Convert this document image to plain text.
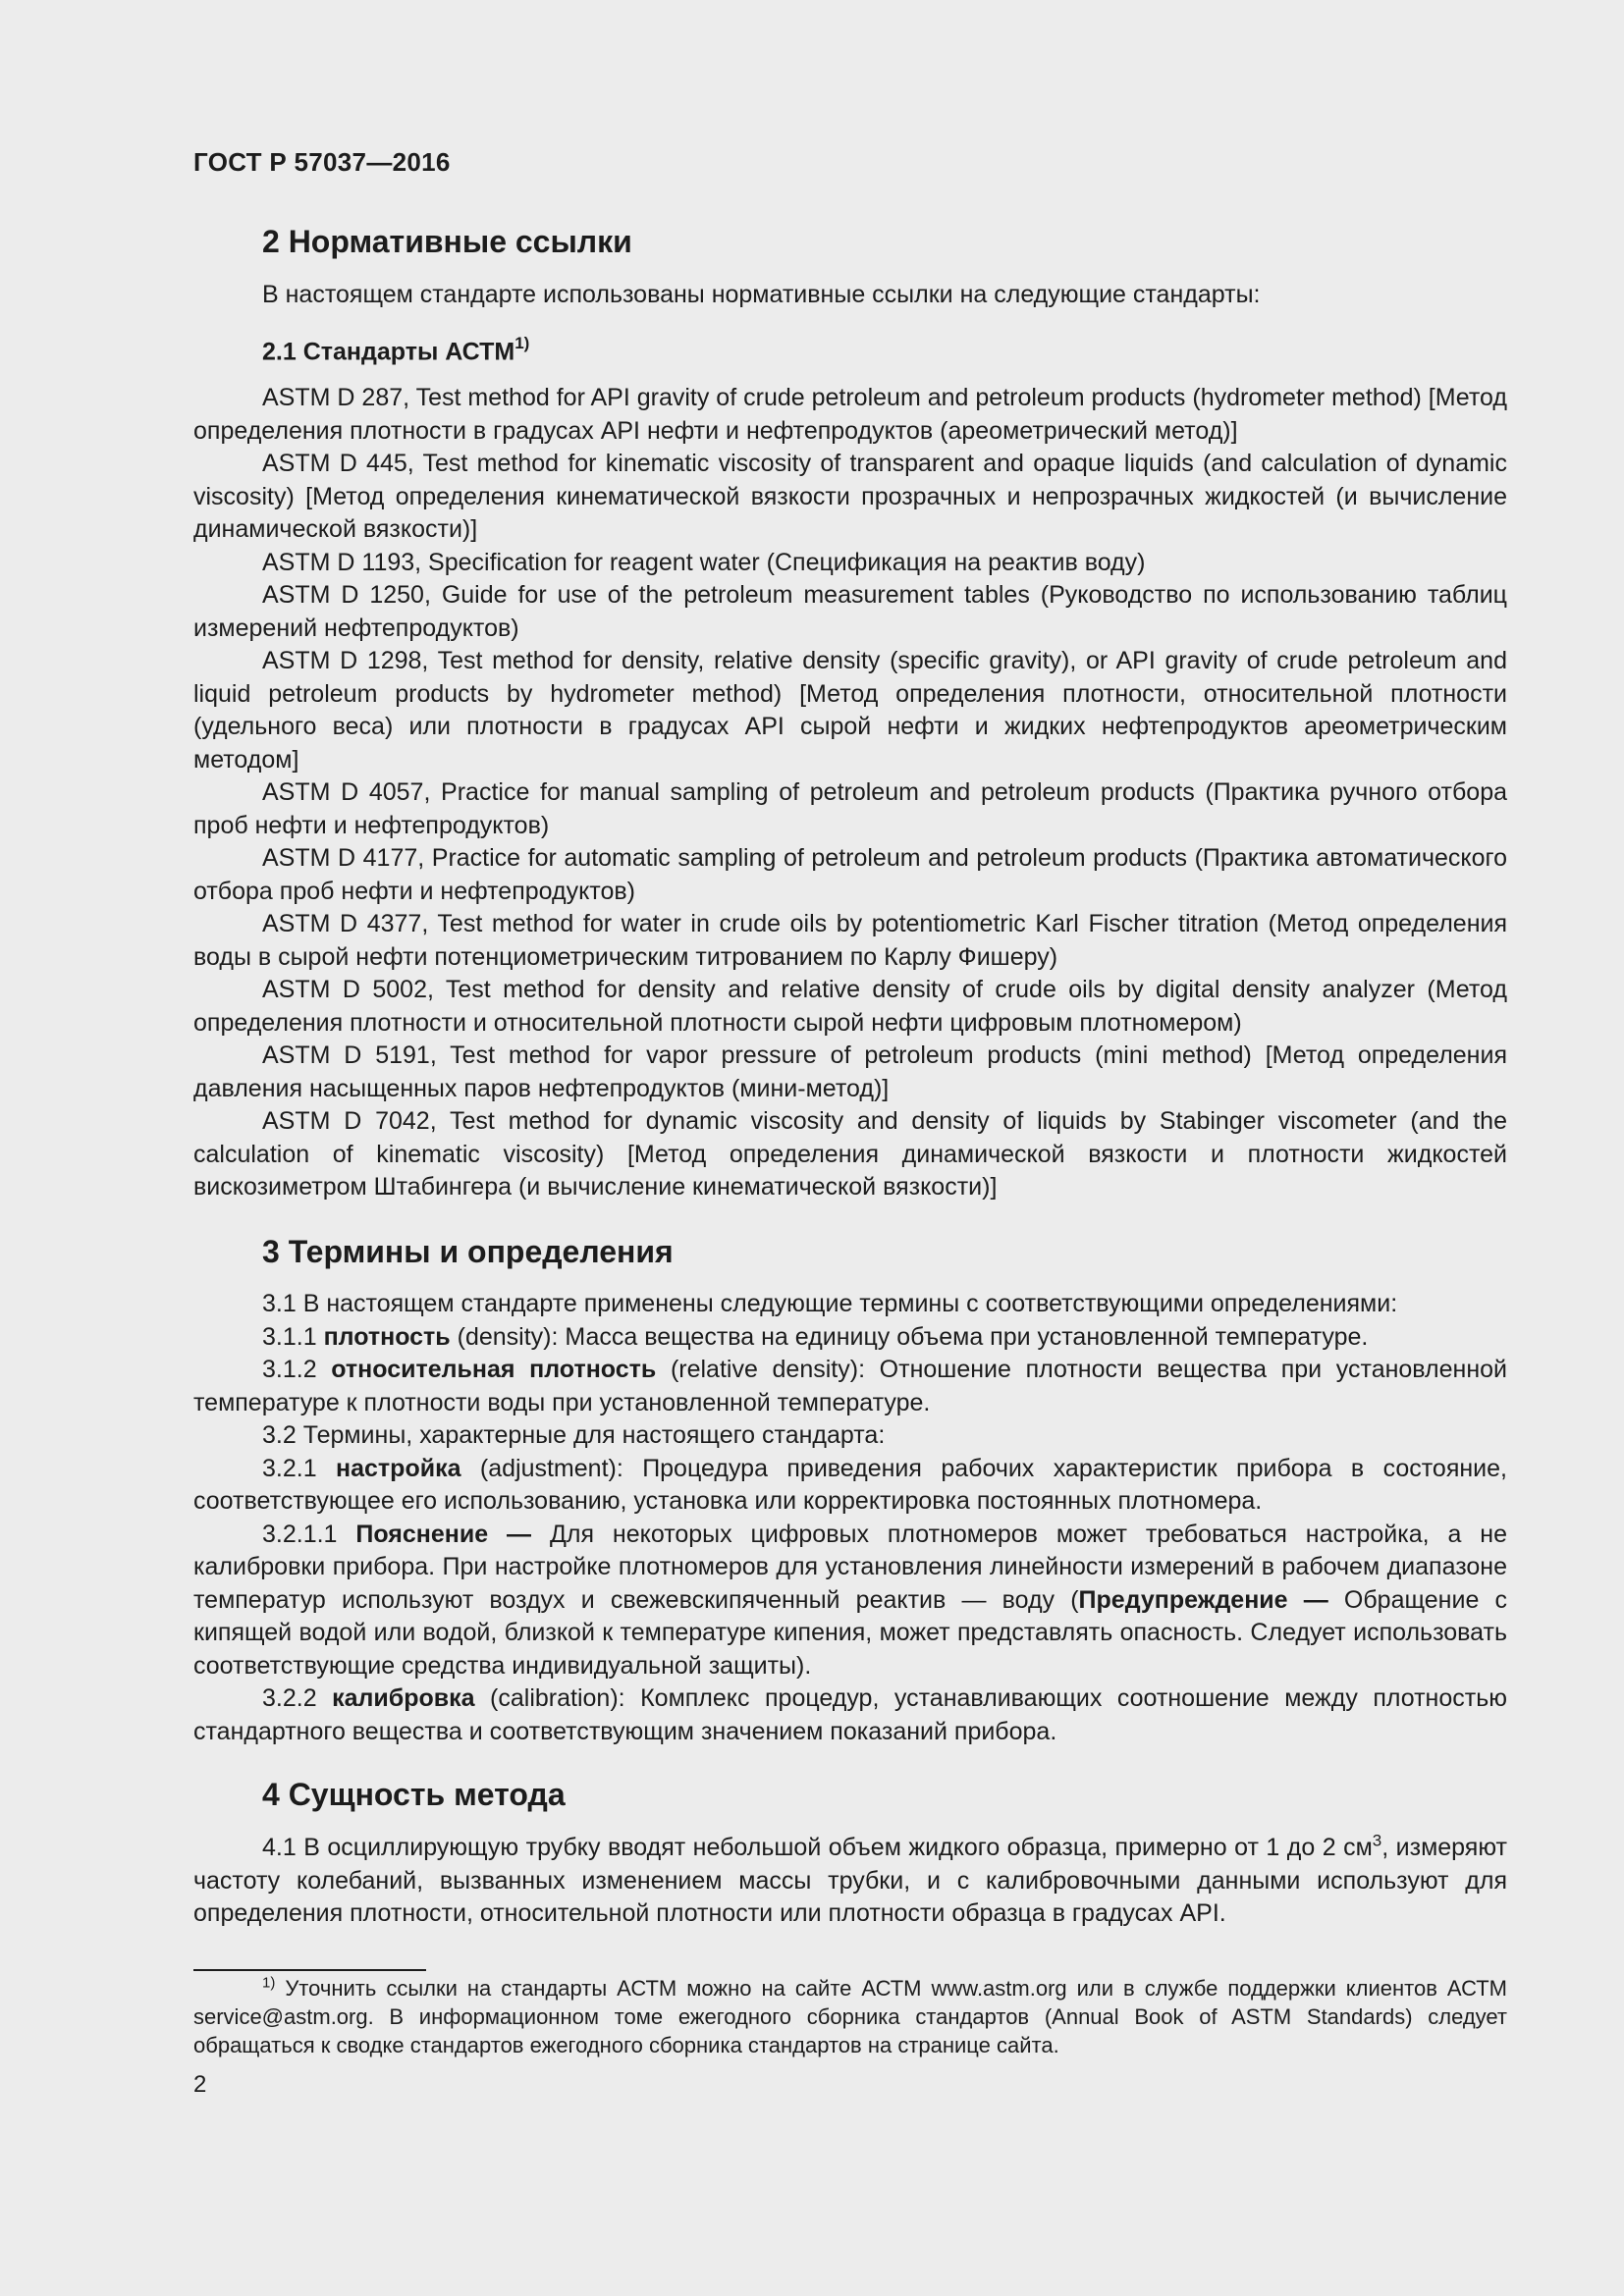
ГОСТ Р 57037—2016
2 Нормативные ссылки

В настоящем стандарте использованы нормативные ссылки на следующие стандарты:

2.1 Стандарты АСТМ$^{1)}$

ASTM D 287, Test method for API gravity of crude petroleum and petroleum products (hydrometer method) [Метод определения плотности в градусах API нефти и нефтепродуктов (ареометрический метод)]

ASTM D 445, Test method for kinematic viscosity of transparent and opaque liquids (and calculation of dynamic viscosity) [Метод определения кинематической вязкости прозрачных и непрозрачных жидкостей (и вычисление динамической вязкости)]

ASTM D 1193, Specification for reagent water (Спецификация на реактив воду)

ASTM D 1250, Guide for use of the petroleum measurement tables (Руководство по использованию таблиц измерений нефтепродуктов)

ASTM D 1298, Test method for density, relative density (specific gravity), or API gravity of crude petroleum and liquid petroleum products by hydrometer method) [Метод определения плотности, относительной плотности (удельного веса) или плотности в градусах API сырой нефти и жидких нефтепродуктов ареометрическим методом]

ASTM D 4057, Practice for manual sampling of petroleum and petroleum products (Практика ручного отбора проб нефти и нефтепродуктов)

ASTM D 4177, Practice for automatic sampling of petroleum and petroleum products (Практика автоматического отбора проб нефти и нефтепродуктов)

ASTM D 4377, Test method for water in crude oils by potentiometric Karl Fischer titration (Метод определения воды в сырой нефти потенциометрическим титрованием по Карлу Фишеру)

ASTM D 5002, Test method for density and relative density of crude oils by digital density analyzer (Метод определения плотности и относительной плотности сырой нефти цифровым плотномером)

ASTM D 5191, Test method for vapor pressure of petroleum products (mini method) [Метод определения давления насыщенных паров нефтепродуктов (мини-метод)]

ASTM D 7042, Test method for dynamic viscosity and density of liquids by Stabinger viscometer (and the calculation of kinematic viscosity) [Метод определения динамической вязкости и плотности жидкостей вискозиметром Штабингера (и вычисление кинематической вязкости)]

3 Термины и определения

3.1 В настоящем стандарте применены следующие термины с соответствующими определениями:

3.1.1 плотность (density): Масса вещества на единицу объема при установленной температуре.

3.1.2 относительная плотность (relative density): Отношение плотности вещества при установленной температуре к плотности воды при установленной температуре.

3.2 Термины, характерные для настоящего стандарта:

3.2.1 настройка (adjustment): Процедура приведения рабочих характеристик прибора в состояние, соответствующее его использованию, установка или корректировка постоянных плотномера.

3.2.1.1 Пояснение — Для некоторых цифровых плотномеров может требоваться настройка, а не калибровки прибора. При настройке плотномеров для установления линейности измерений в рабочем диапазоне температур используют воздух и свежевскипяченный реактив — воду (Предупреждение — Обращение с кипящей водой или водой, близкой к температуре кипения, может представлять опасность. Следует использовать соответствующие средства индивидуальной защиты).

3.2.2 калибровка (calibration): Комплекс процедур, устанавливающих соотношение между плотностью стандартного вещества и соответствующим значением показаний прибора.

4 Сущность метода

4.1 В осциллирующую трубку вводят небольшой объем жидкого образца, примерно от 1 до 2 $см^3$, измеряют частоту колебаний, вызванных изменением массы трубки, и с калибровочными данными используют для определения плотности, относительной плотности или плотности образца в градусах API.

$^{1)}$ Уточнить ссылки на стандарты АСТМ можно на сайте АСТМ www.astm.org или в службе поддержки клиентов АСТМ service@astm.org. В информационном томе ежегодного сборника стандартов (Annual Book of ASTM Standards) следует обращаться к сводке стандартов ежегодного сборника стандартов на странице сайта.

2
